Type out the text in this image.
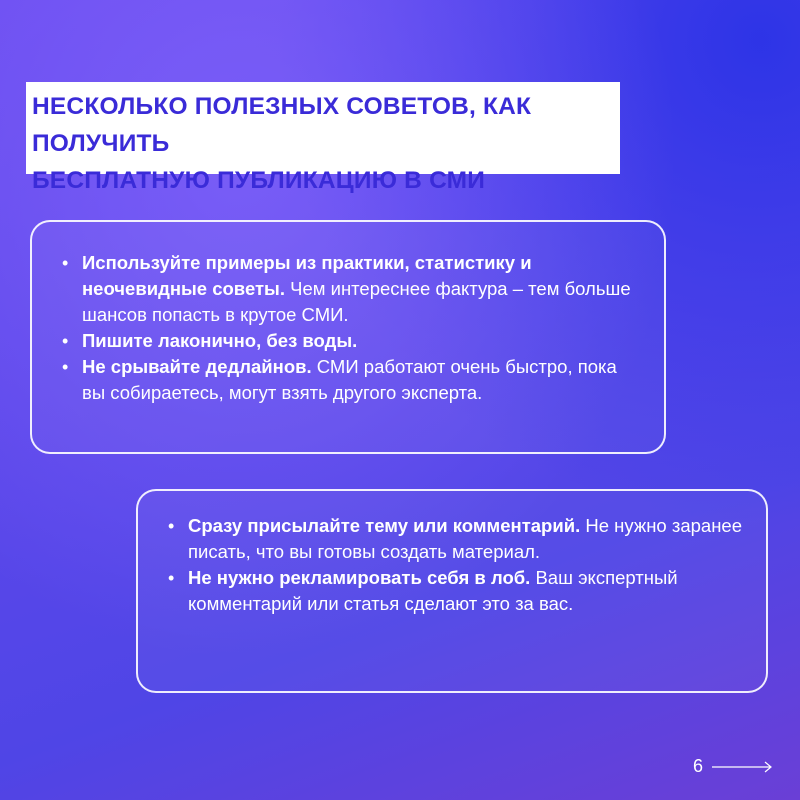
НЕСКОЛЬКО ПОЛЕЗНЫХ СОВЕТОВ, КАК ПОЛУЧИТЬ
БЕСПЛАТНУЮ ПУБЛИКАЦИЮ В СМИ
• Используйте примеры из практики, статистику и неочевидные советы. Чем интереснее фактура – тем больше шансов попасть в крутое СМИ.
• Пишите лаконично, без воды.
• Не срывайте дедлайнов. СМИ работают очень быстро, пока вы собираетесь, могут взять другого эксперта.
• Сразу присылайте тему или комментарий. Не нужно заранее писать, что вы готовы создать материал.
• Не нужно рекламировать себя в лоб. Ваш экспертный комментарий или статья сделают это за вас.
6
